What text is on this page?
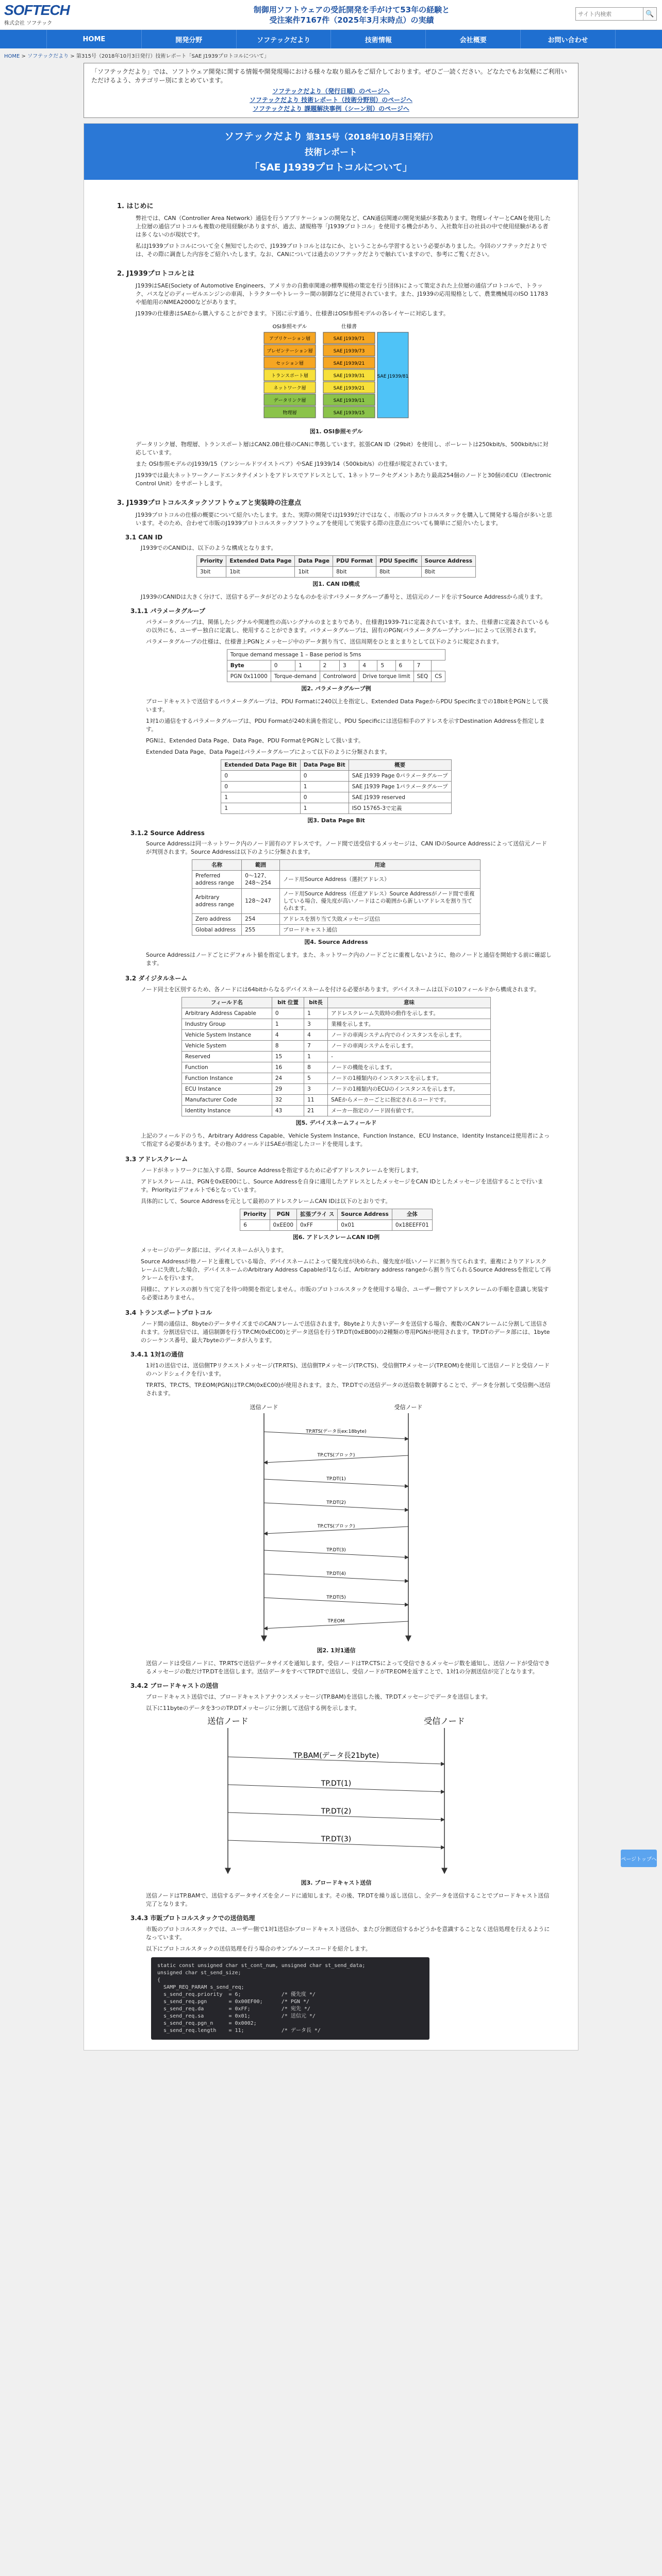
SOFTECH
株式会社 ソフテック
制御用ソフトウェアの受託開発を手がけて53年の経験と
受注案件7167件（2025年3月末時点）の実績
サイト内検索
🔍
HOME	開発分野	ソフテックだより	技術情報	会社概要	お問い合わせ
HOME > ソフテックだより > 第315号（2018年10月3日発行）技術レポート「SAE J1939プロトコルについて」
「ソフテックだより」では、ソフトウェア開発に関する情報や開発現場における様々な取り組みをご紹介しております。ぜひご一読ください。どなたでもお気軽にご利用いただけるよう、カテゴリー別にまとめています。
ソフテックだより（発行日順）のページへ
ソフテックだより 技術レポート（技術分野別）のページへ
ソフテックだより 課題解決事例（シーン別）のページへ
ソフテックだより 第315号（2018年10月3日発行）
技術レポート
「SAE J1939プロトコルについて」
1. はじめに

弊社では、CAN（Controller Area Network）通信を行うアプリケーションの開発など、CAN通信関連の開発実績が多数あります。物理レイヤーとCANを使用した上位層の通信プロトコルも複数の使用経験がありますが、過去、諸規格等「J1939プロトコル」を使用する機会があり、入社数年目の社員の中で使用経験がある者は多くないのが現状です。

私はJ1939プロトコルについて全く無知でしたので、J1939プロトコルとはなにか、ということから学習するという必要がありました。今回のソフテックだよりでは、その際に調査した内容をご紹介いたします。なお、CANについては過去のソフテックだよりで触れていますので、参考にご覧ください。

2. J1939プロトコルとは

J1939はSAE(Society of Automotive Engineers、アメリカの自動車関連の標準規格の策定を行う団体)によって策定された上位層の通信プロトコルで、トラック、バスなどのディーゼルエンジンの車両、トラクターやトレーラー間の制御などに使用されています。また、J1939の応用規格として、農業機械用のISO 11783や船舶用のNMEA2000などがあります。

J1939の仕様書はSAEから購入することができます。下図に示す通り、仕様書はOSI参照モデルの各レイヤーに対応します。

OSI参照モデル	仕様書
アプリケーション層	SAE J1939/71
プレゼンテーション層	SAE J1939/73
セッション層	SAE J1939/21
トランスポート層	SAE J1939/31
ネットワーク層	SAE J1939/21
データリンク層	SAE J1939/11
物理層	SAE J1939/15
SAE J1939/81
図1. OSI参照モデル

データリンク層、物理層、トランスポート層はCAN2.0B仕様のCANに準拠しています。拡張CAN ID（29bit）を使用し、ボーレートは250kbit/s、500kbit/sに対応しています。

また OSI参照モデルのJ1939/15（アンシールドツイストペア）やSAE J1939/14（500kbit/s）の仕様が規定されています。

J1939では最大ネットワークノードエンタテイメントをアドレスでアドレスとして、1ネットワークセグメントあたり最高254個のノードと30個のECU（Electronic Control Unit）をサポートします。

3. J1939プロトコルスタックソフトウェアと実装時の注意点

J1939プロトコルの仕様の概要について紹介いたします。また、実際の開発ではJ1939だけではなく、市販のプロトコルスタックを購入して開発する場合が多いと思います。そのため、合わせて市販のJ1939プロトコルスタックソフトウェアを使用して実装する際の注意点についても簡単にご紹介いたします。

3.1 CAN ID

J1939でのCANIDは、以下のような構成となります。

Priority	Extended Data Page	Data Page	PDU Format	PDU Specific	Source Address
3bit	1bit	1bit	8bit	8bit	8bit
図1. CAN ID構成

J1939のCANIDは大きく分けて、送信するデータがどのようなものかを示すパラメータグループ番号と、送信元のノードを示すSource Addressから成ります。

3.1.1 パラメータグループ

パラメータグループは、関係したシグナルや関連性の高いシグナルのまとまりであり、仕様書J1939-71に定義されています。また、仕様書に定義されているもの以外にも、ユーザー独自に定義し、使用することができます。パラメータグループは、固有のPGN(パラメータグループナンバー)によって区別されます。

パラメータグループの仕様は、仕様書上PGNとメッセージ中のデータ割り当て、送信周期をひとまとまりとして以下のように規定されます。

Torque demand message 1 – Base period is 5ms									
Byte	0	1	2	3	4	5	6	7	
PGN 0x11000	Torque-demand		Controlword		Drive torque limit			SEQ	CS
図2. パラメータグループ例

ブロードキャストで送信するパラメータグループは、PDU Formatに240以上を指定し、Extended Data PageからPDU Specificまでの18bitをPGNとして扱います。

1対1の通信をするパラメータグループは、PDU Formatが240未満を指定し、PDU Specificには送信相手のアドレスを示すDestination Addressを指定します。

PGNは、Extended Data Page、Data Page、PDU FormatをPGNとして扱います。

Extended Data Page、Data Pageはパラメータグループによって以下のように分類されます。

Extended Data Page Bit	Data Page Bit	概要
0	0	SAE J1939 Page 0パラメータグループ
0	1	SAE J1939 Page 1パラメータグループ
1	0	SAE J1939 reserved
1	1	ISO 15765-3で定義
図3. Data Page Bit
3.1.2 Source Address

Source Addressは同一ネットワーク内のノード固有のアドレスです。ノード間で送受信するメッセージは、CAN IDのSource Addressによって送信元ノードが判別されます。Source Addressは以下のように分類されます。

名称	範囲	用途
Preferred address range	0〜127、248〜254	ノード用Source Address（選択アドレス）
Arbitrary address range	128〜247	ノード用Source Address（任意アドレス）Source Addressがノード間で重複している場合、優先度が高いノードはこの範囲から新しいアドレスを割り当てられます。
Zero address	254	アドレスを割り当て失敗メッセージ送信
Global address	255	ブロードキャスト通信
図4. Source Address

Source Addressはノードごとにデフォルト値を指定します。また、ネットワーク内のノードごとに重複しないように、他のノードと通信を開始する前に確認します。

3.2 ダイジタルネーム

ノード同士を区別するため、各ノードには64bitからなるデバイスネームを付ける必要があります。デバイスネームは以下の10フィールドから構成されます。

フィールド名	bit 位置	bit長	意味
Arbitrary Address Capable	0	1	アドレスクレーム失敗時の動作を示します。
Industry Group	1	3	業種を示します。
Vehicle System Instance	4	4	ノードの車両システム内でのインスタンスを示します。
Vehicle System	8	7	ノードの車両システムを示します。
Reserved	15	1	-
Function	16	8	ノードの機能を示します。
Function Instance	24	5	ノードの1種類内のインスタンスを示します。
ECU Instance	29	3	ノードの1種類内のECUのインスタンスを示します。
Manufacturer Code	32	11	SAEからメーカーごとに指定されるコードです。
Identity Instance	43	21	メーカー指定のノード固有値です。
図5. デバイスネームフィールド

上記のフィールドのうち、Arbitrary Address Capable、Vehicle System Instance、Function Instance、ECU Instance、Identity Instanceは使用者によって指定する必要があります。その他のフィールドはSAEが指定したコードを使用します。

3.3 アドレスクレーム

ノードがネットワークに加入する際、Source Addressを指定するために必ずアドレスクレームを実行します。

アドレスクレームは、PGNを0xEE00にし、Source Addressを自身に適用したアドレスとしたメッセージをCAN IDとしたメッセージを送信することで行います。Priorityはデフォルトで6となっています。

具体的にして、Source Addressを元として最初のアドレスクレームCAN IDは以下のとおりです。

Priority	PGN	拡張プライ ス	Source Address	全体
6	0xEE00	0xFF	0x01	0x18EEFF01
図6. アドレスクレームCAN ID例

メッセージのデータ部には、デバイスネームが入ります。

Source Addressが他ノードと重複している場合、デバイスネームによって優先度が決められ、優先度が低いノードに割り当てられます。重複によりアドレスクレームに失敗した場合、デバイスネームのArbitrary Address Capableが1ならば、Arbitrary address rangeから割り当てられるSource Addressを指定して再クレームを行います。

同様に、アドレスの割り当て完了を待つ時間を指定しません。市販のプロトコルスタックを使用する場合、ユーザー側でアドレスクレームの手順を意識し実装する必要はありません。

3.4 トランスポートプロトコル

ノード間の通信は、8byteのデータサイズまでのCANフレームで送信されます。8byteより大きいデータを送信する場合、複数のCANフレームに分割して送信されます。分割送信では、通信制御を行うTP.CM(0xEC00)とデータ送信を行うTP.DT(0xEB00)の2種類の専用PGNが使用されます。TP.DTのデータ部には、1byteのシーケンス番号、最大7byteのデータが入ります。

3.4.1 1対1の通信

1対1の送信では、送信側TPリクエストメッセージ(TP.RTS)、送信側TPメッセージ(TP.CTS)、受信側TPメッセージ(TP.EOM)を使用して送信ノードと受信ノードのハンドシェイクを行います。

TP.RTS、TP.CTS、TP.EOM(PGN)はTP.CM(0xEC00)が使用されます。また、TP.DTでの送信データの送信数を制御することで、データを分割して受信側へ送信されます。

送信ノード	受信ノード
TP.RTS(データ長ex:18byte)
TP.CTS(ブロック)
TP.DT(1)
TP.DT(2)
TP.CTS(ブロック)
TP.DT(3)
TP.DT(4)
TP.DT(5)
TP.EOM
図2. 1対1通信

送信ノードは受信ノードに、TP.RTSで送信データサイズを通知します。受信ノードはTP.CTSによって受信できるメッセージ数を通知し、送信ノードが受信できるメッセージの数だけTP.DTを送信します。送信データをすべてTP.DTで送信し、受信ノードがTP.EOMを返すことで、1対1の分割送信が完了となります。

3.4.2 ブロードキャストの送信

ブロードキャスト送信では、ブロードキャストアナウンスメッセージ(TP.BAM)を送信した後、TP.DTメッセージでデータを送信します。

以下に11byteのデータを3つのTP.DTメッセージに分割して送信する例を示します。

送信ノード	受信ノード
TP.BAM(データ長21byte)
TP.DT(1)
TP.DT(2)
TP.DT(3)
図3. ブロードキャスト送信

送信ノードはTP.BAMで、送信するデータサイズを全ノードに通知します。その後、TP.DTを繰り返し送信し、全データを送信することでブロードキャスト送信完了となります。

3.4.3 市販プロトコルスタックでの送信処理

市販のプロトコルスタックでは、ユーザー側で1対1送信かブロードキャスト送信か、またび分割送信するかどうかを意識することなく送信処理を行えるようになっています。

以下にプロトコルスタックの送信処理を行う場合のサンプルソースコードを紹介します。

static const unsigned char st_cont_num, unsigned char st_send_data;
unsigned char st_send_size;
{
SAMP_REQ_PARAM s_send_req;
s_send_req.priority  = 6;             /* 優先度 */
s_send_req.pgn       = 0x00EF00;      /* PGN */
s_send_req.da        = 0xFF;          /* 宛先 */
s_send_req.sa        = 0x01;          /* 送信元 */
s_send_req.pgn_n     = 0x0002;
s_send_req.length    = 11;            /* データ長 */
ページトップへ
